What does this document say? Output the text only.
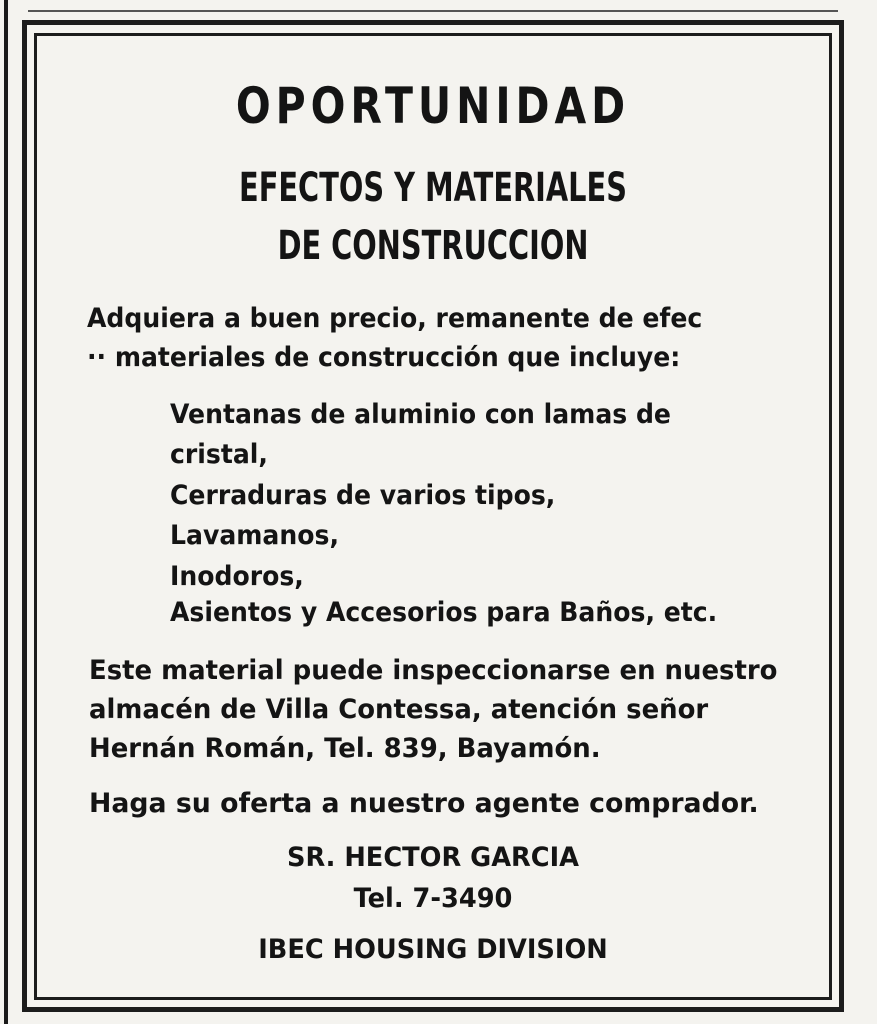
OPORTUNIDAD
EFECTOS Y MATERIALES
DE CONSTRUCCION
Adquiera a buen precio, remanente de efec
·· materiales de construcción que incluye:
Ventanas de aluminio con lamas de
cristal,
Cerraduras de varios tipos,
Lavamanos,
Inodoros,
Asientos y Accesorios para Baños, etc.
Este material puede inspeccionarse en nuestro
almacén de Villa Contessa, atención señor
Hernán Román, Tel. 839, Bayamón.
Haga su oferta a nuestro agente comprador.
SR. HECTOR GARCIA
Tel. 7-3490
IBEC HOUSING DIVISION
